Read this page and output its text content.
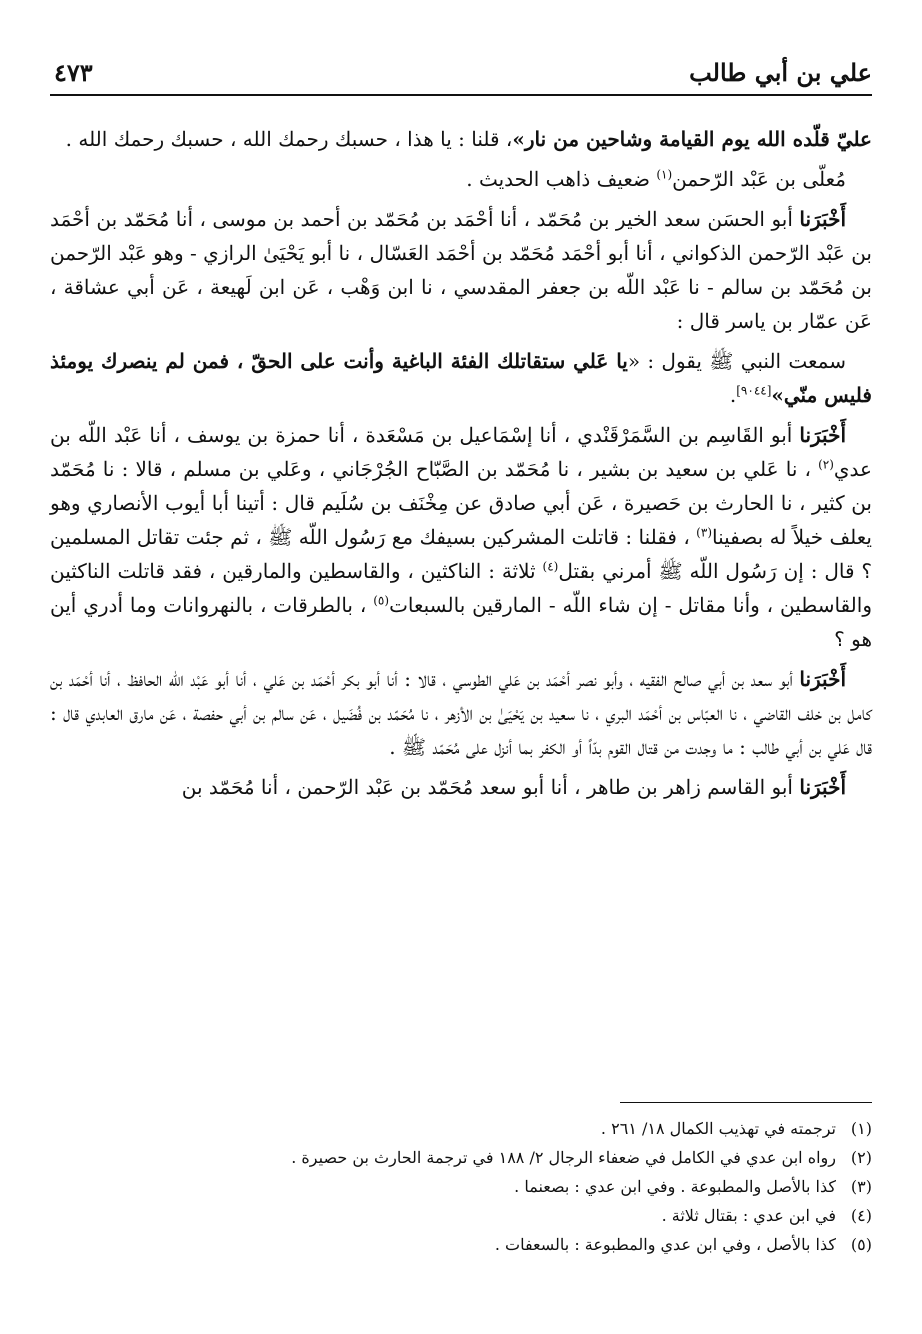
علي بن أبي طالب
٤٧٣

عليّ قلّده الله يوم القيامة وشاحين من نار»، قلنا : يا هذا ، حسبك رحمك الله ، حسبك رحمك الله .

مُعلّى بن عَبْد الرّحمن$^{(١)}$ ضعيف ذاهب الحديث .

أَخْبَرَنا أبو الحسَن سعد الخير بن مُحَمّد ، أنا أحْمَد بن مُحَمّد بن أحمد بن موسى ، أنا مُحَمّد بن أحْمَد بن عَبْد الرّحمن الذكواني ، أنا أبو أحْمَد مُحَمّد بن أحْمَد العَسّال ، نا أبو يَحْيَىٰ الرازي - وهو عَبْد الرّحمن بن مُحَمّد بن سالم - نا عَبْد اللّه بن جعفر المقدسي ، نا ابن وَهْب ، عَن ابن لَهيعة ، عَن أبي عشاقة ، عَن عمّار بن ياسر قال :

سمعت النبي ﷺ يقول : «يا عَلي ستقاتلك الفئة الباغية وأنت على الحقّ ، فمن لم ينصرك يومئذ فليس منّي»[٩٠٤٤].

أَخْبَرَنا أبو القَاسِم بن السَّمَرْقَنْدي ، أنا إسْمَاعيل بن مَسْعَدة ، أنا حمزة بن يوسف ، أنا عَبْد اللّه بن عدي$^{(٢)}$ ، نا عَلي بن سعيد بن بشير ، نا مُحَمّد بن الصَّبّاح الجُرْجَاني ، وعَلي بن مسلم ، قالا : نا مُحَمّد بن كثير ، نا الحارث بن حَصيرة ، عَن أبي صادق عن مِخْنَف بن سُلَيم قال : أتينا أبا أيوب الأنصاري وهو يعلف خيلاً له بصفينا$^{(٣)}$ ، فقلنا : قاتلت المشركين بسيفك مع رَسُول اللّه ﷺ ، ثم جئت تقاتل المسلمين ؟ قال : إن رَسُول اللّه ﷺ أمرني بقتل$^{(٤)}$ ثلاثة : الناكثين ، والقاسطين والمارقين ، فقد قاتلت الناكثين والقاسطين ، وأنا مقاتل - إن شاء اللّه - المارقين بالسبعات$^{(٥)}$ ، بالطرقات ، بالنهروانات وما أدري أين هو ؟

أَخْبَرَنا أبو سعد بن أبي صالح الفقيه ، وأبو نصر أحْمَد بن عَلي الطوسي ، قالا : أنا أبو بكر أحْمَد بن عَلي ، أنا أبو عَبْد اللّه الحافظ ، أنا أحْمَد بن كامل بن خلف القاضي ، نا العبّاس بن أحْمَد البري ، نا سعيد بن يَحْيَىٰ بن الأزهر ، نا مُحَمّد بن فُضَيل ، عَن سالم بن أبي حفصة ، عَن مارق العابدي قال : قال عَلي بن أبي طالب : ما وجدت من قتال القوم بدّاً أو الكفر بما أنزل على مُحَمّد ﷺ .

أَخْبَرَنا أبو القاسم زاهر بن طاهر ، أنا أبو سعد مُحَمّد بن عَبْد الرّحمن ، أنا مُحَمّد بن

(١)ترجمته في تهذيب الكمال ١٨/ ٢٦١ .
(٢)رواه ابن عدي في الكامل في ضعفاء الرجال ٢/ ١٨٨ في ترجمة الحارث بن حصيرة .
(٣)كذا بالأصل والمطبوعة . وفي ابن عدي : بصعنما .
(٤)في ابن عدي : بقتال ثلاثة .
(٥)كذا بالأصل ، وفي ابن عدي والمطبوعة : بالسعفات .
